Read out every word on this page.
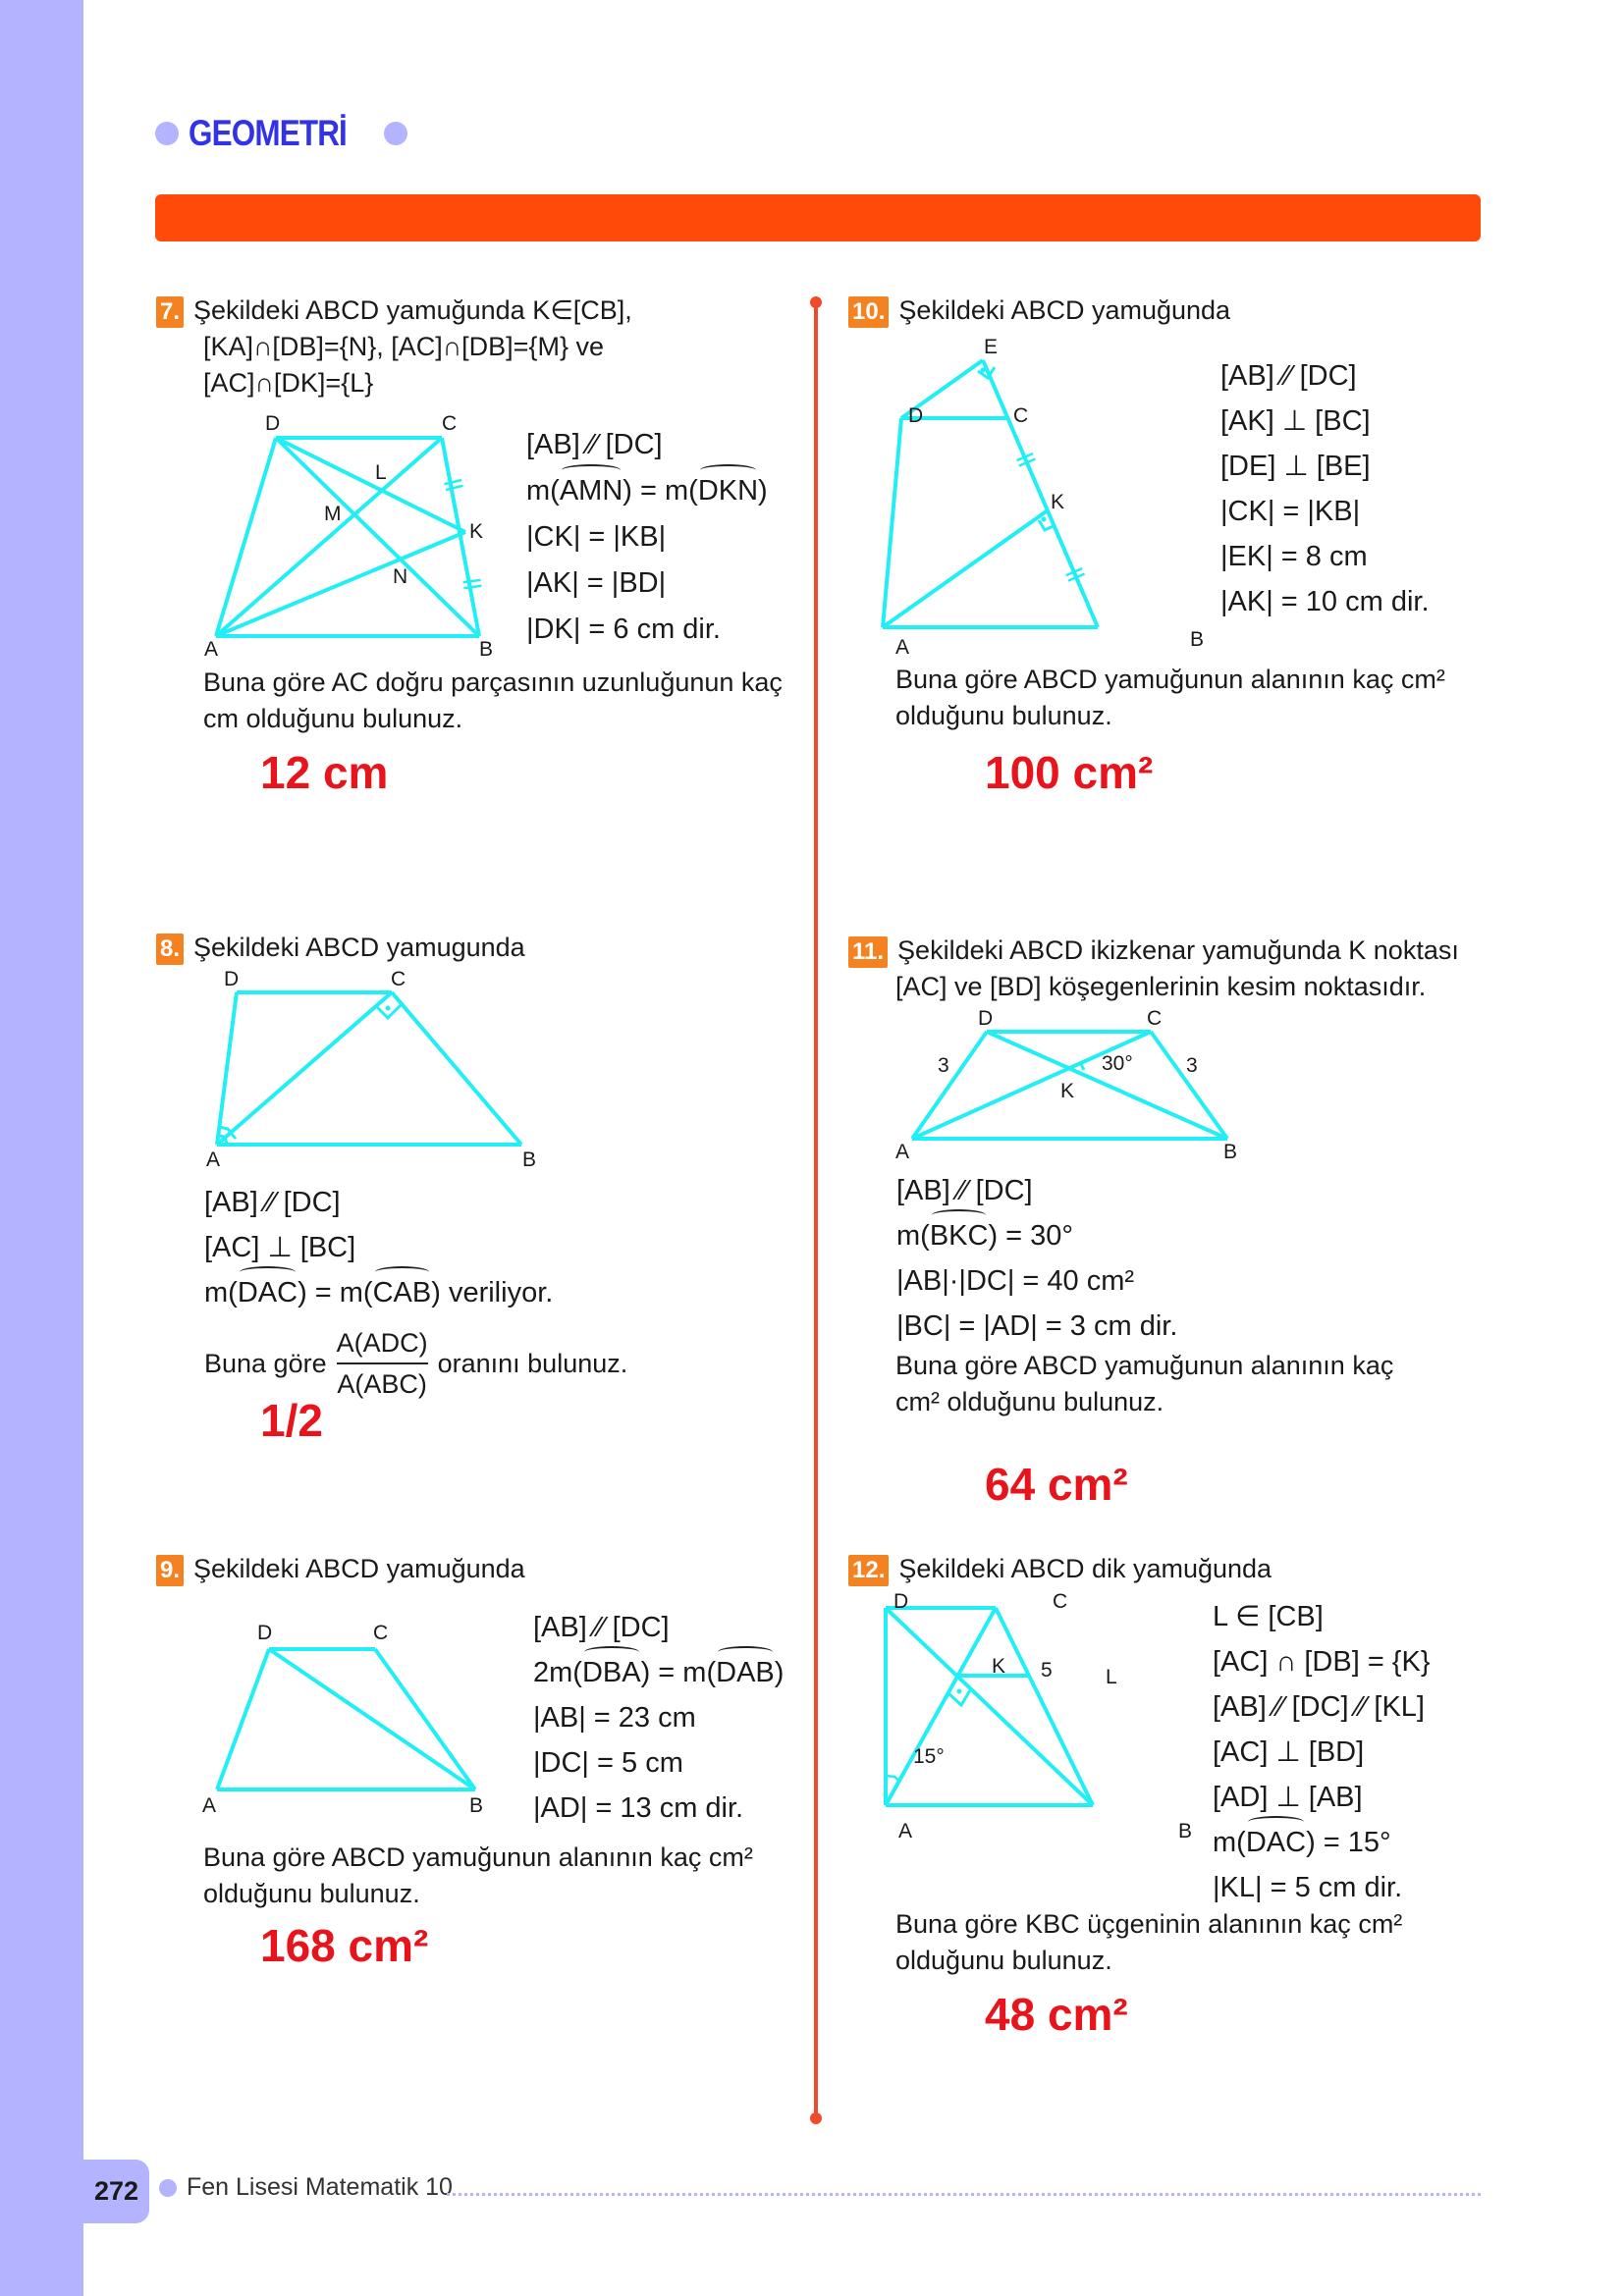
GEOMETRİ
7. Şekildeki ABCD yamuğunda K∈[CB],
[KA]∩[DB]={N}, [AC]∩[DB]={M} ve
[AC]∩[DK]={L}
D	C
K
A	B
L
M
N
[AB] ⁄⁄ [DC]
m(AMN) = m(DKN)
|CK| = |KB|
|AK| = |BD|
|DK| = 6 cm dir.
Buna göre AC doğru parçasının uzunluğunun kaç
cm olduğunu bulunuz.
12 cm
8. Şekildeki ABCD yamugunda
D	C
A	B
[AB] ⁄⁄ [DC]
[AC] ⊥ [BC]
m(DAC) = m(CAB) veriliyor.
Buna göre
A(ADC)
A(ABC)
oranını bulunuz.
1/2
9. Şekildeki ABCD yamuğunda
D	C
A	B
[AB] ⁄⁄ [DC]
2m(DBA) = m(DAB)
|AB| = 23 cm
|DC| = 5 cm
|AD| = 13 cm dir.
Buna göre ABCD yamuğunun alanının kaç cm²
olduğunu bulunuz.
168 cm²
10. Şekildeki ABCD yamuğunda
E
D	C
K
A	B
[AB] ⁄⁄ [DC]
[AK] ⊥ [BC]
[DE] ⊥ [BE]
|CK| = |KB|
|EK| = 8 cm
|AK| = 10 cm dir.
Buna göre ABCD yamuğunun alanının kaç cm²
olduğunu bulunuz.
100 cm²
11. Şekildeki ABCD ikizkenar yamuğunda K noktası
[AC] ve [BD] köşegenlerinin kesim noktasıdır.
D	C
A	B
K
3	3
30°
[AB] ⁄⁄ [DC]
m(BKC) = 30°
|AB|·|DC| = 40 cm²
|BC| = |AD| = 3 cm dir.
Buna göre ABCD yamuğunun alanının kaç
cm² olduğunu bulunuz.
64 cm²
12. Şekildeki ABCD dik yamuğunda
D	C
A	B
K	L
5
15°
L ∈ [CB]
[AC] ∩ [DB] = {K}
[AB] ⁄⁄ [DC] ⁄⁄ [KL]
[AC] ⊥ [BD]
[AD] ⊥ [AB]
m(DAC) = 15°
|KL| = 5 cm dir.
Buna göre KBC üçgeninin alanının kaç cm²
olduğunu bulunuz.
48 cm²
272	Fen Lisesi Matematik 10
